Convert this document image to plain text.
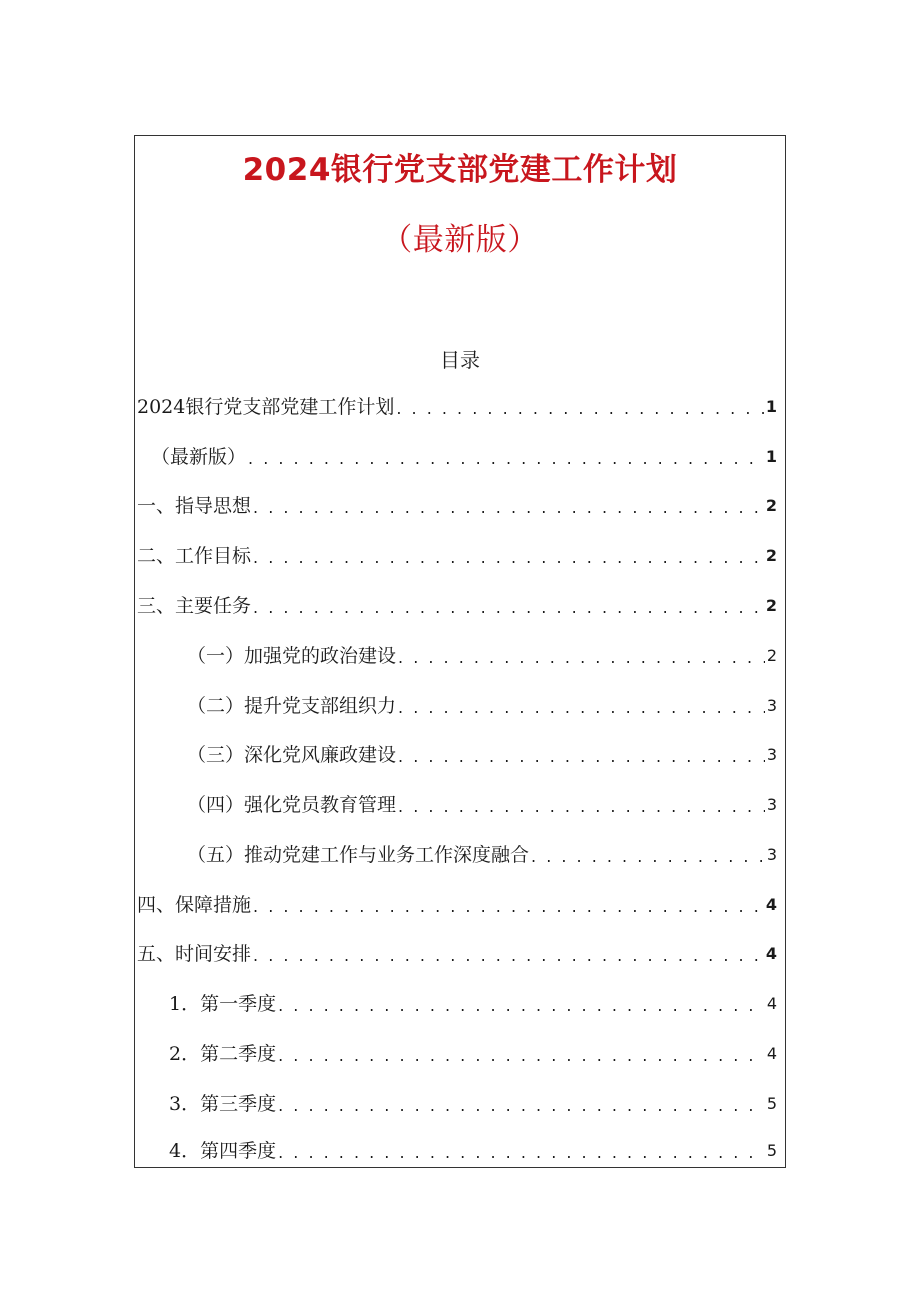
2024银行党支部党建工作计划
（最新版）
目录
2024银行党支部党建工作计划 . . .	1
（最新版） . . .	1
一、指导思想 . . .	2
二、工作目标 . . .	2
三、主要任务 . . .	2
（一）加强党的政治建设 . . .	2
（二）提升党支部组织力 . . .	3
（三）深化党风廉政建设 . . .	3
（四）强化党员教育管理 . . .	3
（五）推动党建工作与业务工作深度融合 . . .	3
四、保障措施 . . .	4
五、时间安排 . . .	4
1．第一季度 . . .	4
2．第二季度 . . .	4
3．第三季度 . . .	5
4．第四季度 . . .	5
